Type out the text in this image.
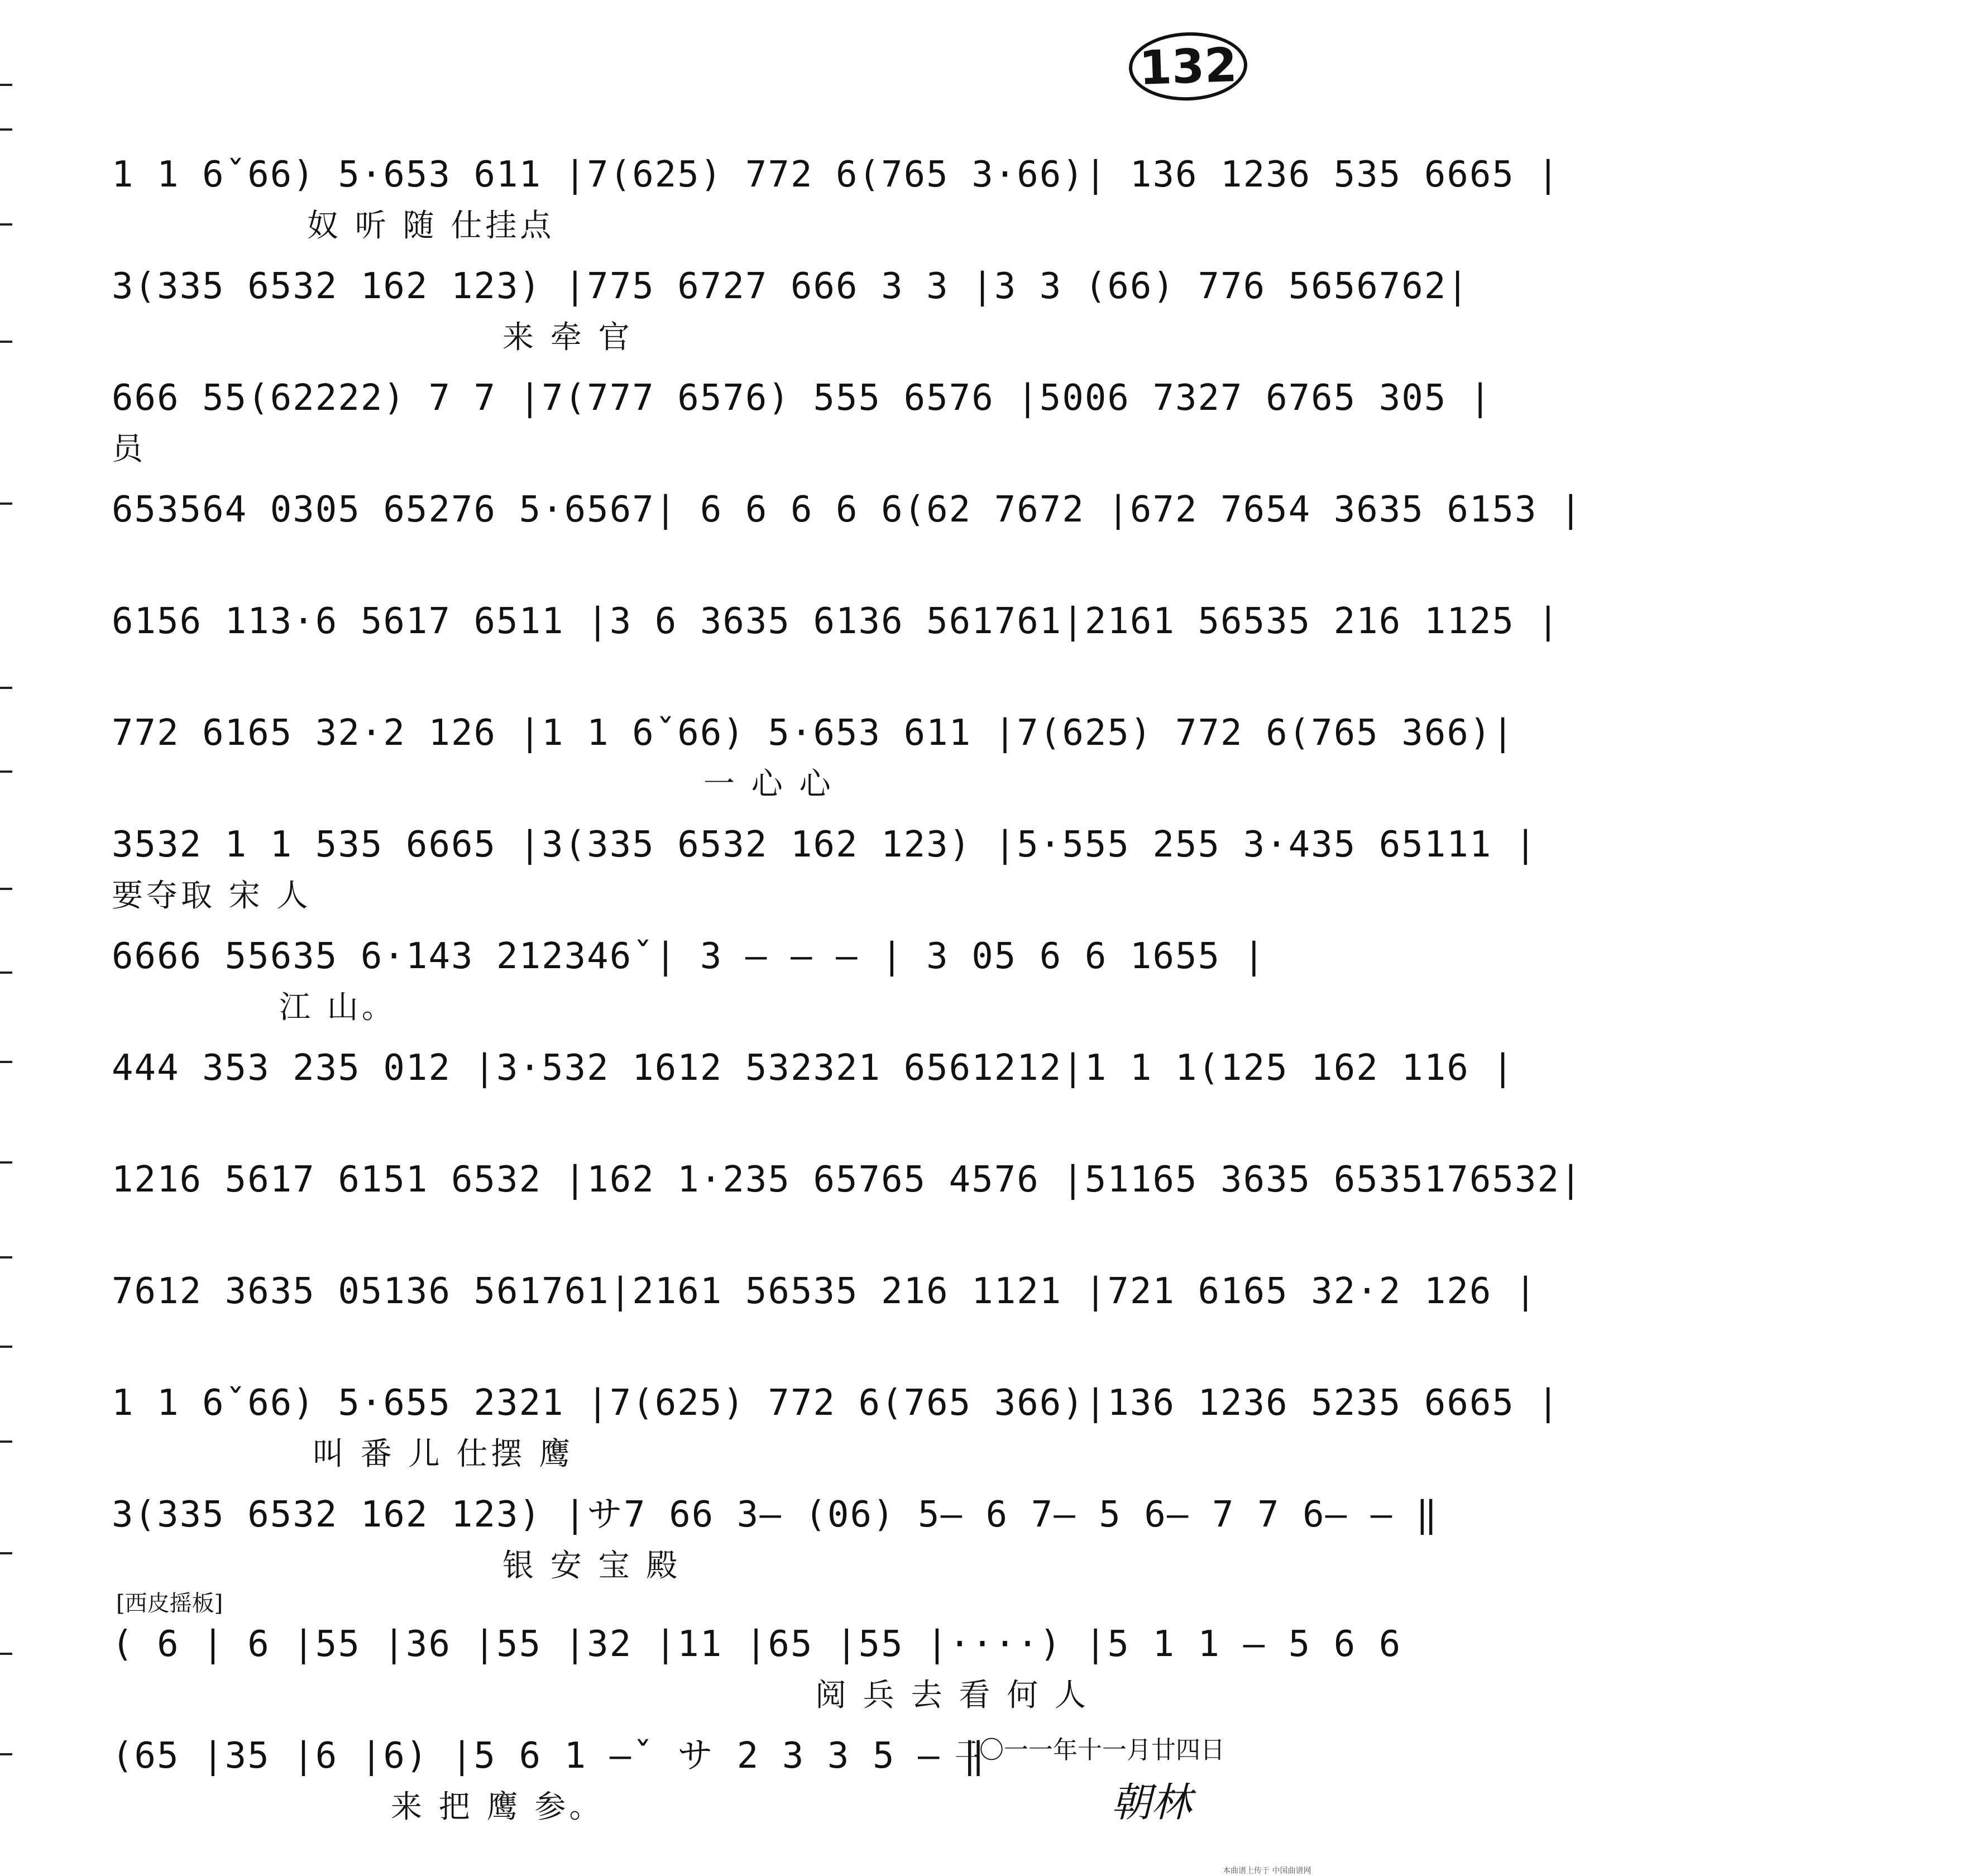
132
1 1 6ˇ66) 5·653 611 |7(625) 772 6(765 3·66)| 136 1236 535 6665 |
奴 听 随 仕挂点
3(335 6532 162 123) |775 6727 666 3 3 |3 3 (66) 776 5656762|
来 牵 官
666 55(62222) 7 7 |7(777 6576) 555 6576 |5006 7327 6765 305 |
员
653564 0305 65276 5·6567| 6 6 6 6 6(62 7672 |672 7654 3635 6153 |
6156 113·6 5617 6511 |3 6 3635 6136 561761|2161 56535 216 1125 |
772 6165 32·2 126 |1 1 6ˇ66) 5·653 611 |7(625) 772 6(765 366)|
一 心 心
3532 1 1 535 6665 |3(335 6532 162 123) |5·555 255 3·435 65111 |
要夺取 宋 人
6666 55635 6·143 212346ˇ| 3 — — — | 3 05 6 6 1655 |
江 山。
444 353 235 012 |3·532 1612 532321 6561212|1 1 1(125 162 116 |
1216 5617 6151 6532 |162 1·235 65765 4576 |51165 3635 6535176532|
7612 3635 05136 561761|2161 56535 216 1121 |721 6165 32·2 126 |
1 1 6ˇ66) 5·655 2321 |7(625) 772 6(765 366)|136 1236 5235 6665 |
叫 番 儿 仕摆 鹰
3(335 6532 162 123) |サ7 66 3— (06) 5— 6 7— 5 6— 7 7 6— — ‖
银 安 宝 殿
[西皮摇板]
( 6 | 6 |55 |36 |55 |32 |11 |65 |55 |····) |5 1 1 — 5 6 6
阅 兵 去 看 何 人
(65 |35 |6 |6) |5 6 1 —ˇ サ 2 3 3 5 — ‖
来 把 鹰 参。
二〇一一年十一月廿四日
朝林
本曲谱上传于 中国曲谱网
